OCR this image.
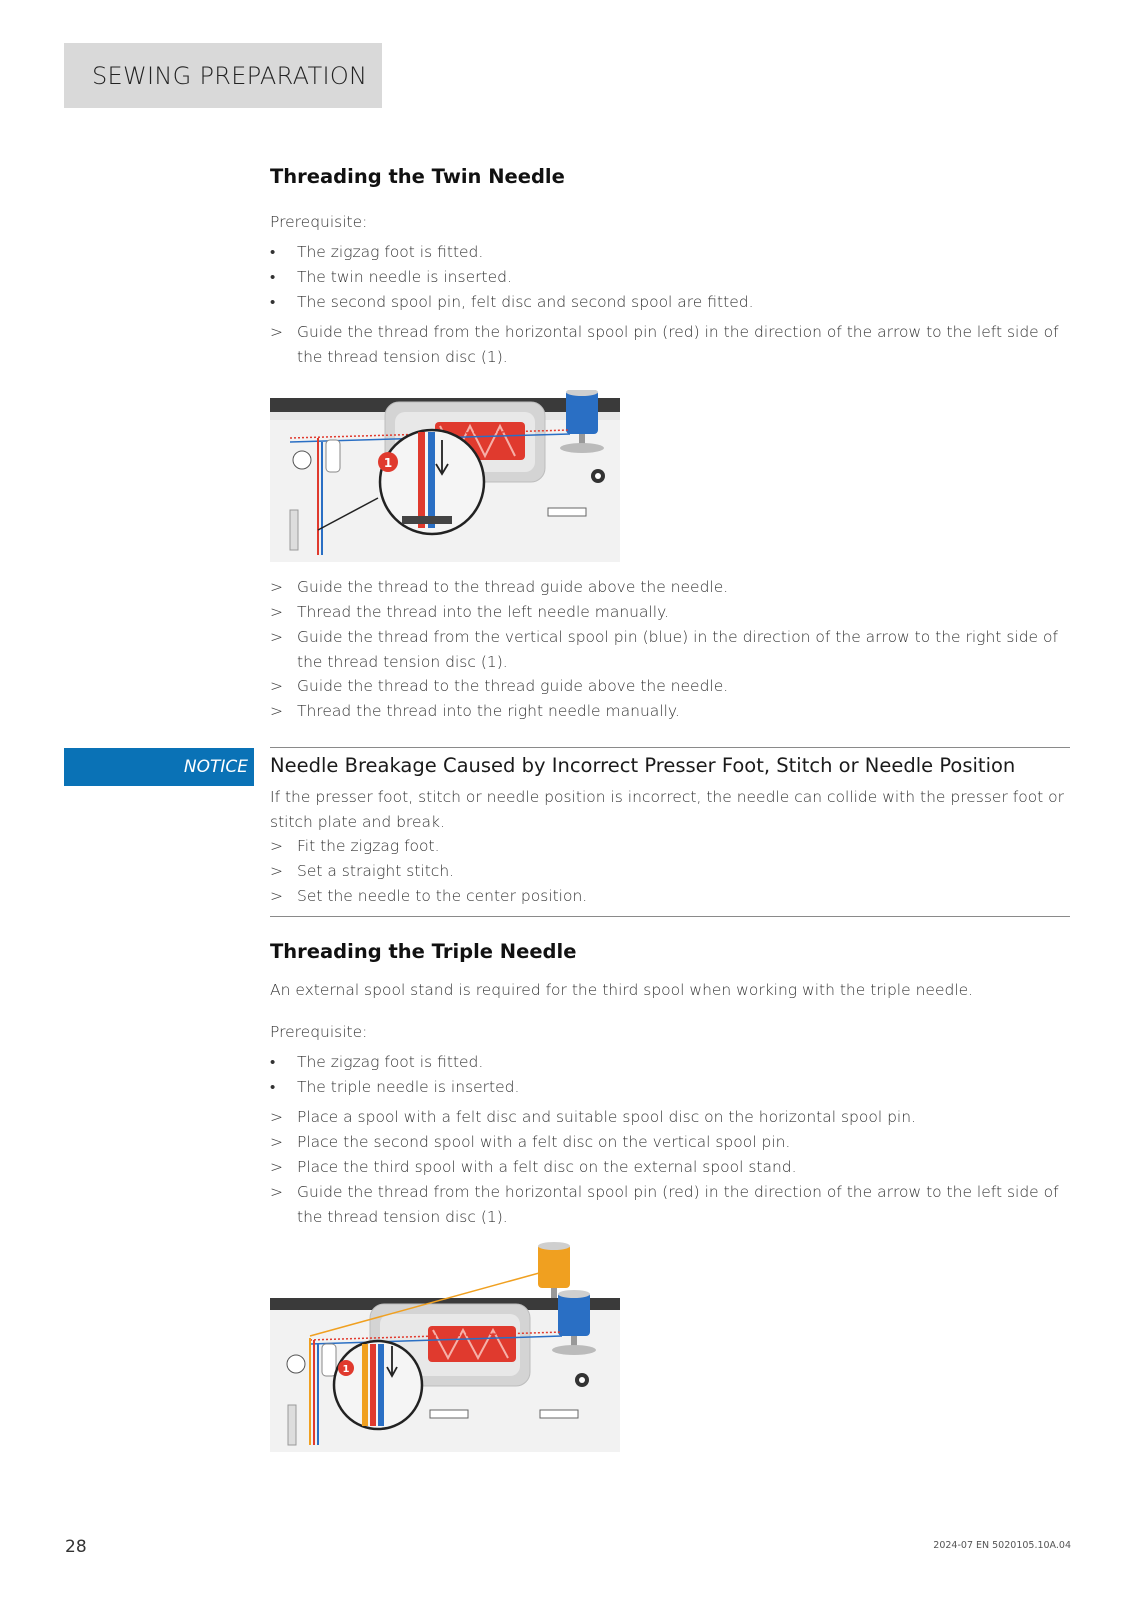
SEWING PREPARATION
Threading the Twin Needle
Prerequisite:
•	The zigzag foot is fitted.
•	The twin needle is inserted.
•	The second spool pin, felt disc and second spool are fitted.
> Guide the thread from the horizontal spool pin (red) in the direction of the arrow to the left side of the thread tension disc (1).
1
> Guide the thread to the thread guide above the needle.
> Thread the thread into the left needle manually.
> Guide the thread from the vertical spool pin (blue) in the direction of the arrow to the right side of the thread tension disc (1).
> Guide the thread to the thread guide above the needle.
> Thread the thread into the right needle manually.
NOTICE Needle Breakage Caused by Incorrect Presser Foot, Stitch or Needle Position
If the presser foot, stitch or needle position is incorrect, the needle can collide with the presser foot or stitch plate and break.
> Fit the zigzag foot.
> Set a straight stitch.
> Set the needle to the center position.
Threading the Triple Needle
An external spool stand is required for the third spool when working with the triple needle.
Prerequisite:
•	The zigzag foot is fitted.
•	The triple needle is inserted.
> Place a spool with a felt disc and suitable spool disc on the horizontal spool pin.
> Place the second spool with a felt disc on the vertical spool pin.
> Place the third spool with a felt disc on the external spool stand.
> Guide the thread from the horizontal spool pin (red) in the direction of the arrow to the left side of the thread tension disc (1).
1
28	2024-07 EN 5020105.10A.04
